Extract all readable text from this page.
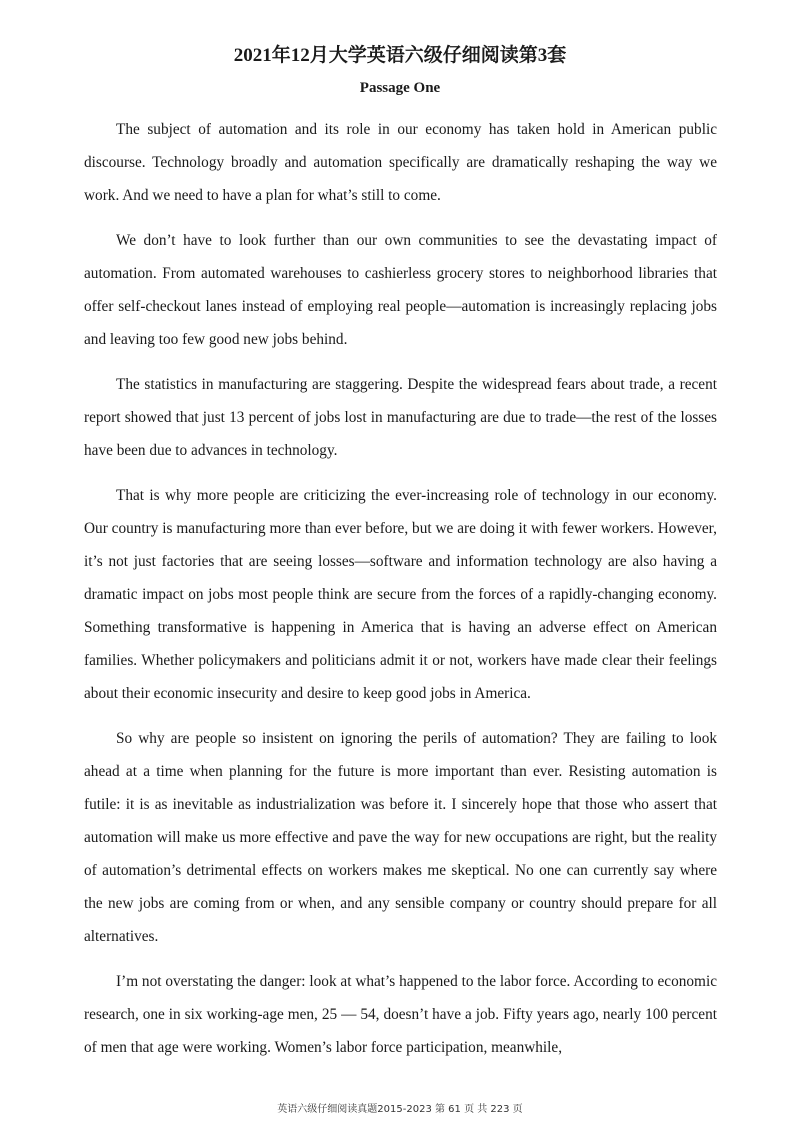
2021年12月大学英语六级仔细阅读第3套
Passage One

The subject of automation and its role in our economy has taken hold in American public discourse. Technology broadly and automation specifically are dramatically reshaping the way we work. And we need to have a plan for what’s still to come.

We don’t have to look further than our own communities to see the devastating impact of automation. From automated warehouses to cashierless grocery stores to neighborhood libraries that offer self-checkout lanes instead of employing real people—automation is increasingly replacing jobs and leaving too few good new jobs behind.

The statistics in manufacturing are staggering. Despite the widespread fears about trade, a recent report showed that just 13 percent of jobs lost in manufacturing are due to trade—the rest of the losses have been due to advances in technology.

That is why more people are criticizing the ever-increasing role of technology in our economy. Our country is manufacturing more than ever before, but we are doing it with fewer workers. However, it’s not just factories that are seeing losses—software and information technology are also having a dramatic impact on jobs most people think are secure from the forces of a rapidly-changing economy. Something transformative is happening in America that is having an adverse effect on American families. Whether policymakers and politicians admit it or not, workers have made clear their feelings about their economic insecurity and desire to keep good jobs in America.

So why are people so insistent on ignoring the perils of automation? They are failing to look ahead at a time when planning for the future is more important than ever. Resisting automation is futile: it is as inevitable as industrialization was before it. I sincerely hope that those who assert that automation will make us more effective and pave the way for new occupations are right, but the reality of automation’s detrimental effects on workers makes me skeptical. No one can currently say where the new jobs are coming from or when, and any sensible company or country should prepare for all alternatives.

I’m not overstating the danger: look at what’s happened to the labor force. According to economic research, one in six working-age men, 25 — 54, doesn’t have a job. Fifty years ago, nearly 100 percent of men that age were working. Women’s labor force participation, meanwhile,

英语六级仔细阅读真题2015-2023 第 61 页 共 223 页
